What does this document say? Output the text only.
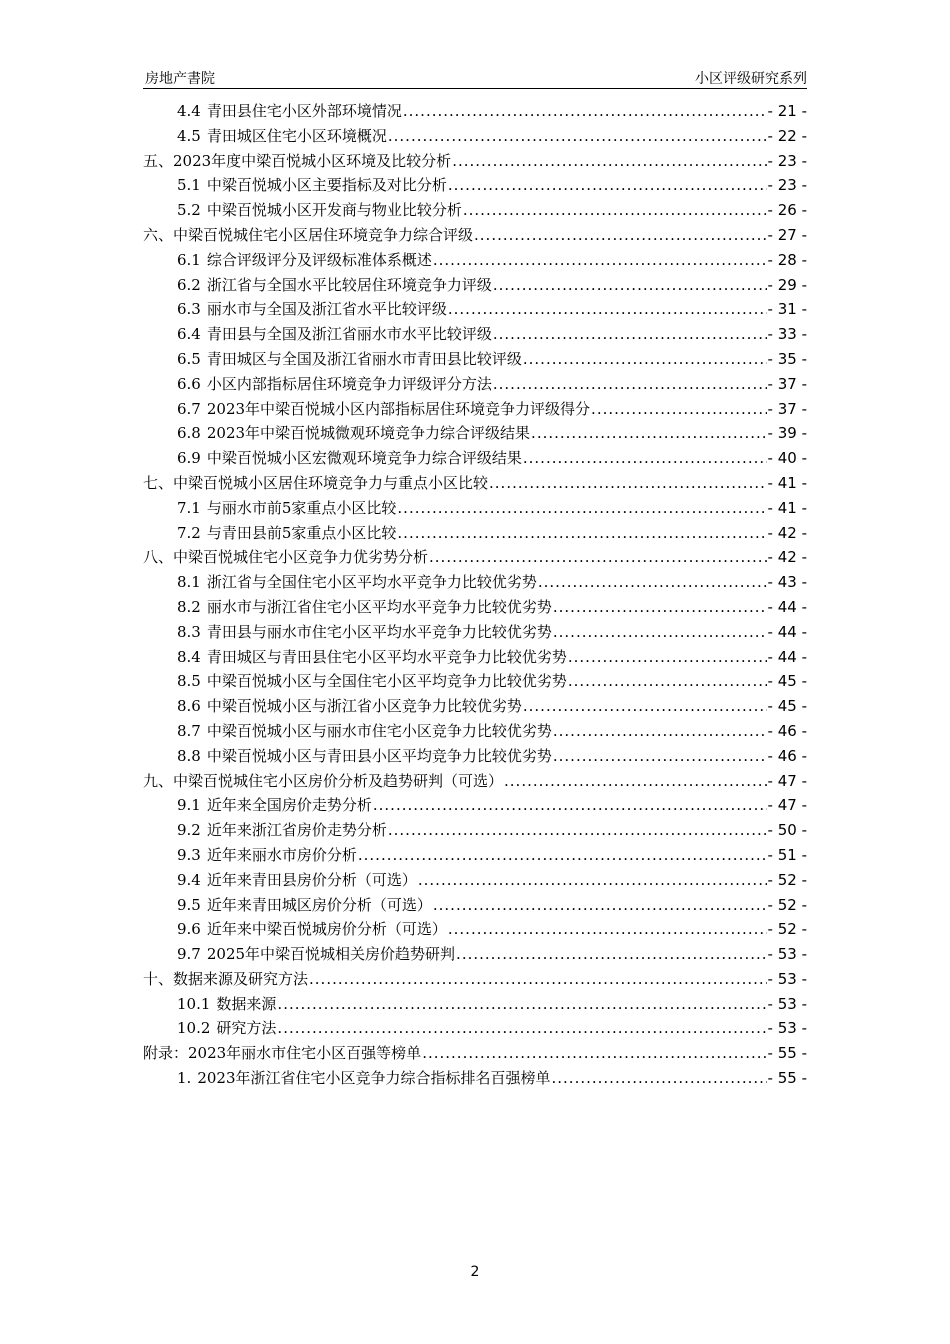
房地产書院	小区评级研究系列
4.4 青田县住宅小区外部环境情况 .....	- 21 -
4.5 青田城区住宅小区环境概况 .....	- 22 -
五、2023年度中梁百悦城小区环境及比较分析 .....	- 23 -
5.1 中梁百悦城小区主要指标及对比分析 .....	- 23 -
5.2 中梁百悦城小区开发商与物业比较分析 .....	- 26 -
六、中梁百悦城住宅小区居住环境竞争力综合评级 .....	- 27 -
6.1 综合评级评分及评级标准体系概述 .....	- 28 -
6.2 浙江省与全国水平比较居住环境竞争力评级 .....	- 29 -
6.3 丽水市与全国及浙江省水平比较评级 .....	- 31 -
6.4 青田县与全国及浙江省丽水市水平比较评级 .....	- 33 -
6.5 青田城区与全国及浙江省丽水市青田县比较评级 .....	- 35 -
6.6 小区内部指标居住环境竞争力评级评分方法 .....	- 37 -
6.7 2023年中梁百悦城小区内部指标居住环境竞争力评级得分 .....	- 37 -
6.8 2023年中梁百悦城微观环境竞争力综合评级结果 .....	- 39 -
6.9 中梁百悦城小区宏微观环境竞争力综合评级结果 .....	- 40 -
七、中梁百悦城小区居住环境竞争力与重点小区比较 .....	- 41 -
7.1 与丽水市前5家重点小区比较 .....	- 41 -
7.2 与青田县前5家重点小区比较 .....	- 42 -
八、中梁百悦城住宅小区竞争力优劣势分析 .....	- 42 -
8.1 浙江省与全国住宅小区平均水平竞争力比较优劣势 .....	- 43 -
8.2 丽水市与浙江省住宅小区平均水平竞争力比较优劣势 .....	- 44 -
8.3 青田县与丽水市住宅小区平均水平竞争力比较优劣势 .....	- 44 -
8.4 青田城区与青田县住宅小区平均水平竞争力比较优劣势 .....	- 44 -
8.5 中梁百悦城小区与全国住宅小区平均竞争力比较优劣势 .....	- 45 -
8.6 中梁百悦城小区与浙江省小区竞争力比较优劣势 .....	- 45 -
8.7 中梁百悦城小区与丽水市住宅小区竞争力比较优劣势 .....	- 46 -
8.8 中梁百悦城小区与青田县小区平均竞争力比较优劣势 .....	- 46 -
九、中梁百悦城住宅小区房价分析及趋势研判（可选） .....	- 47 -
9.1 近年来全国房价走势分析 .....	- 47 -
9.2 近年来浙江省房价走势分析 .....	- 50 -
9.3 近年来丽水市房价分析 .....	- 51 -
9.4 近年来青田县房价分析（可选） .....	- 52 -
9.5 近年来青田城区房价分析（可选） .....	- 52 -
9.6 近年来中梁百悦城房价分析（可选） .....	- 52 -
9.7 2025年中梁百悦城相关房价趋势研判 .....	- 53 -
十、数据来源及研究方法 .....	- 53 -
10.1 数据来源 .....	- 53 -
10.2 研究方法 .....	- 53 -
附录：2023年丽水市住宅小区百强等榜单 .....	- 55 -
1. 2023年浙江省住宅小区竞争力综合指标排名百强榜单 .....	- 55 -
2
